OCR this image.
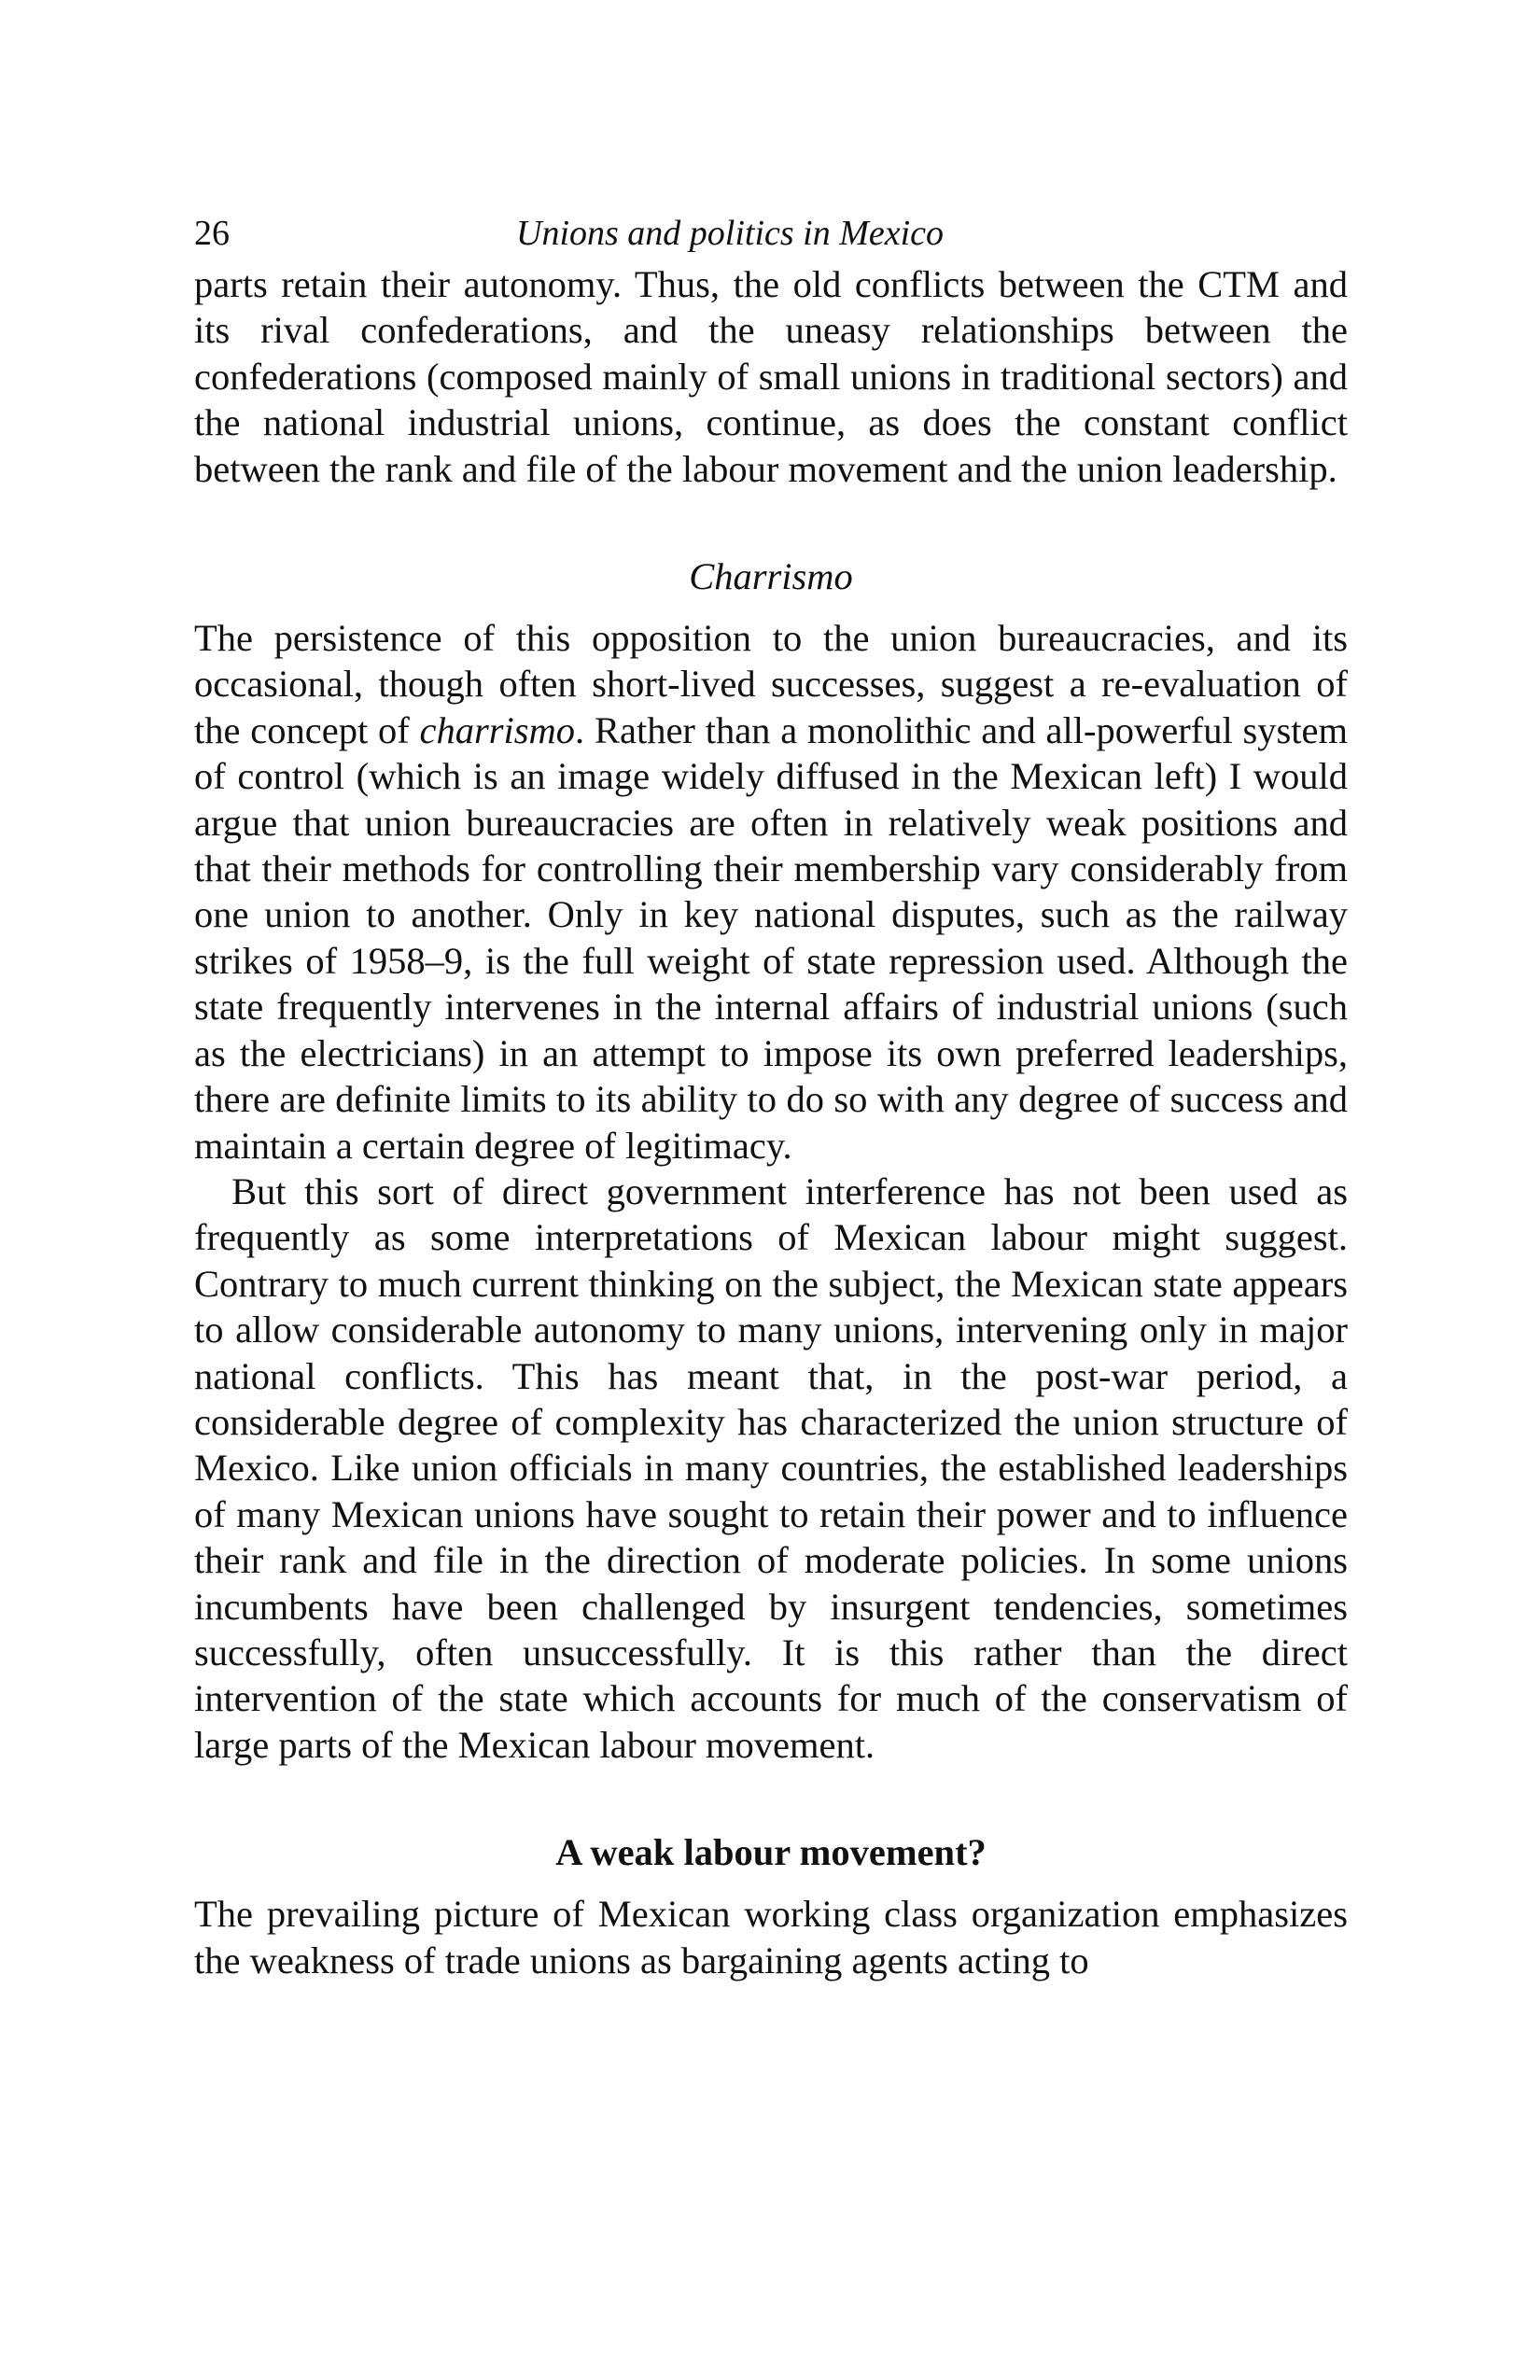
26	Unions and politics in Mexico

parts retain their autonomy. Thus, the old conflicts between the CTM and its rival confederations, and the uneasy relationships between the confederations (composed mainly of small unions in traditional sectors) and the national industrial unions, continue, as does the constant conflict between the rank and file of the labour movement and the union leadership.

Charrismo

The persistence of this opposition to the union bureaucracies, and its occasional, though often short-lived successes, suggest a re-evaluation of the concept of charrismo. Rather than a monolithic and all-powerful system of control (which is an image widely diffused in the Mexican left) I would argue that union bureaucracies are often in relatively weak positions and that their methods for controlling their membership vary considerably from one union to another. Only in key national disputes, such as the railway strikes of 1958–9, is the full weight of state repression used. Although the state frequently intervenes in the internal affairs of industrial unions (such as the electricians) in an attempt to impose its own preferred leaderships, there are definite limits to its ability to do so with any degree of success and maintain a certain degree of legitimacy.

But this sort of direct government interference has not been used as frequently as some interpretations of Mexican labour might suggest. Contrary to much current thinking on the subject, the Mexican state appears to allow considerable autonomy to many unions, intervening only in major national conflicts. This has meant that, in the post-war period, a considerable degree of complexity has characterized the union structure of Mexico. Like union officials in many countries, the established leaderships of many Mexican unions have sought to retain their power and to influence their rank and file in the direction of moderate policies. In some unions incumbents have been challenged by insurgent tendencies, sometimes successfully, often unsuccessfully. It is this rather than the direct intervention of the state which accounts for much of the conservatism of large parts of the Mexican labour movement.

A weak labour movement?

The prevailing picture of Mexican working class organization emphasizes the weakness of trade unions as bargaining agents acting to
